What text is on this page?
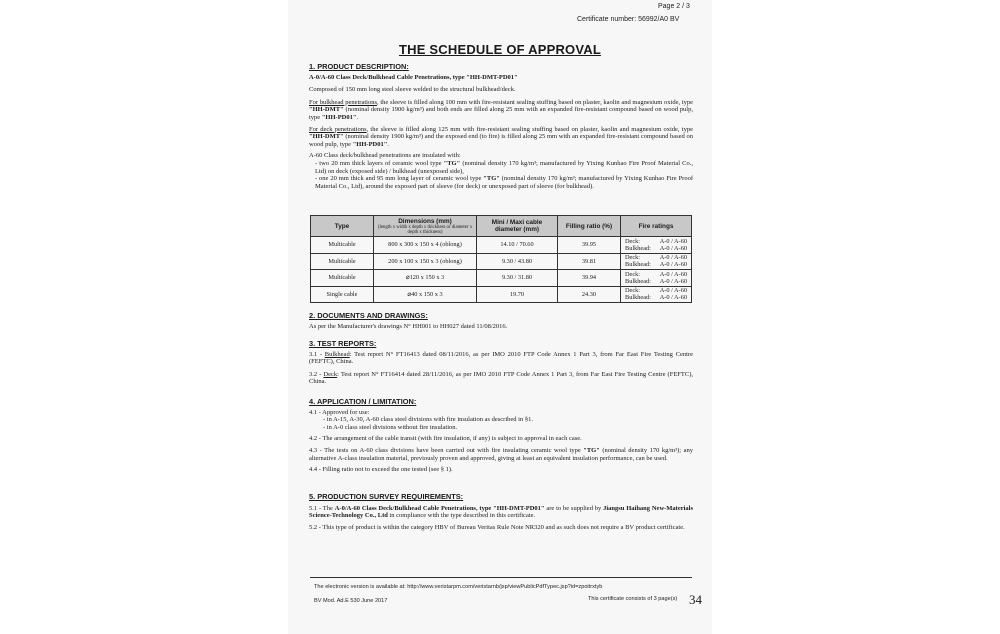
Page 2 / 3
Certificate number: 56992/A0 BV
THE SCHEDULE OF APPROVAL
1. PRODUCT DESCRIPTION:
A-0/A-60 Class Deck/Bulkhead Cable Penetrations, type "HH-DMT-PD01"
Composed of 150 mm long steel sleeve welded to the structural bulkhead/deck.
For bulkhead penetrations, the sleeve is filled along 100 mm with fire-resistant sealing stuffing based on plaster, kaolin and magnesium oxide, type "HH-DMT" (nominal density 1900 kg/m³) and both ends are filled along 25 mm with an expanded fire-resistant compound based on wood pulp, type "HH-PD01".
For deck penetrations, the sleeve is filled along 125 mm with fire-resistant sealing stuffing based on plaster, kaolin and magnesium oxide, type "HH-DMT" (nominal density 1900 kg/m³) and the exposed end (to fire) is filled along 25 mm with an expanded fire-resistant compound based on wood pulp, type "HH-PD01".
A-60 Class deck/bulkhead penetrations are insulated with:
- two 20 mm thick layers of ceramic wool type "TG" (nominal density 170 kg/m³; manufactured by Yixing Kunhao Fire Proof Material Co., Ltd) on deck (exposed side) / bulkhead (unexposed side),
- one 20 mm thick and 95 mm long layer of ceramic wool type "TG" (nominal density 170 kg/m³; manufactured by Yixing Kunhao Fire Proof Material Co., Ltd), around the exposed part of sleeve (for deck) or unexposed part of sleeve (for bulkhead).
Type	Dimensions (mm)
(length x width x depth x thickness or diameter x depth x thickness)	Mini / Maxi cable diameter (mm)	Filling ratio (%)	Fire ratings
Multicable	800 x 300 x 150 x 4 (oblong)	14.10 / 70.60	39.95	Deck: A-0 / A-60
Bulkhead: A-0 / A-60

Multicable	200 x 100 x 150 x 3 (oblong)	9.30 / 43.80	39.81	Deck: A-0 / A-60
Bulkhead: A-0 / A-60

Multicable	⌀120 x 150 x 3	9.30 / 31.80	39.94	Deck: A-0 / A-60
Bulkhead: A-0 / A-60

Single cable	⌀40 x 150 x 3	19.70	24.30	Deck: A-0 / A-60
Bulkhead: A-0 / A-60
2. DOCUMENTS AND DRAWINGS:
As per the Manufacturer's drawings N° HH001 to HH027 dated 11/08/2016.
3. TEST REPORTS:
3.1 - Bulkhead: Test report N° FT16413 dated 08/11/2016, as per IMO 2010 FTP Code Annex 1 Part 3, from Far East Fire Testing Centre (FEFTC), China.
3.2 - Deck: Test report N° FT16414 dated 28/11/2016, as per IMO 2010 FTP Code Annex 1 Part 3, from Far East Fire Testing Centre (FEFTC), China.
4. APPLICATION / LIMITATION:
4.1 - Approved for use:
- in A-15, A-30, A-60 class steel divisions with fire insulation as described in §1.
- in A-0 class steel divisions without fire insulation.
4.2 - The arrangement of the cable transit (with fire insulation, if any) is subject to approval in each case.
4.3 - The tests on A-60 class divisions have been carried out with fire insulating ceramic wool type "TG" (nominal density 170 kg/m³); any alternative A-class insulation material, previously proven and approved, giving at least an equivalent insulation performance, can be used.
4.4 - Filling ratio not to exceed the one tested (see § 1).
5. PRODUCTION SURVEY REQUIREMENTS:
5.1 - The A-0/A-60 Class Deck/Bulkhead Cable Penetrations, type "HH-DMT-PD01" are to be supplied by Jiangsu Haihang New-Materials Science-Technology Co., Ltd in compliance with the type described in this certificate.
5.2 - This type of product is within the category HBV of Bureau Veritas Rule Note NR320 and as such does not require a BV product certificate.
The electronic version is available at: http://www.veristarpm.com/veristarnb/jsp/viewPublicPdfTypec.jsp?id=zpoitrxtyb
BV Mod. Ad.E 530 June 2017	This certificate consists of 3 page(s) 34
